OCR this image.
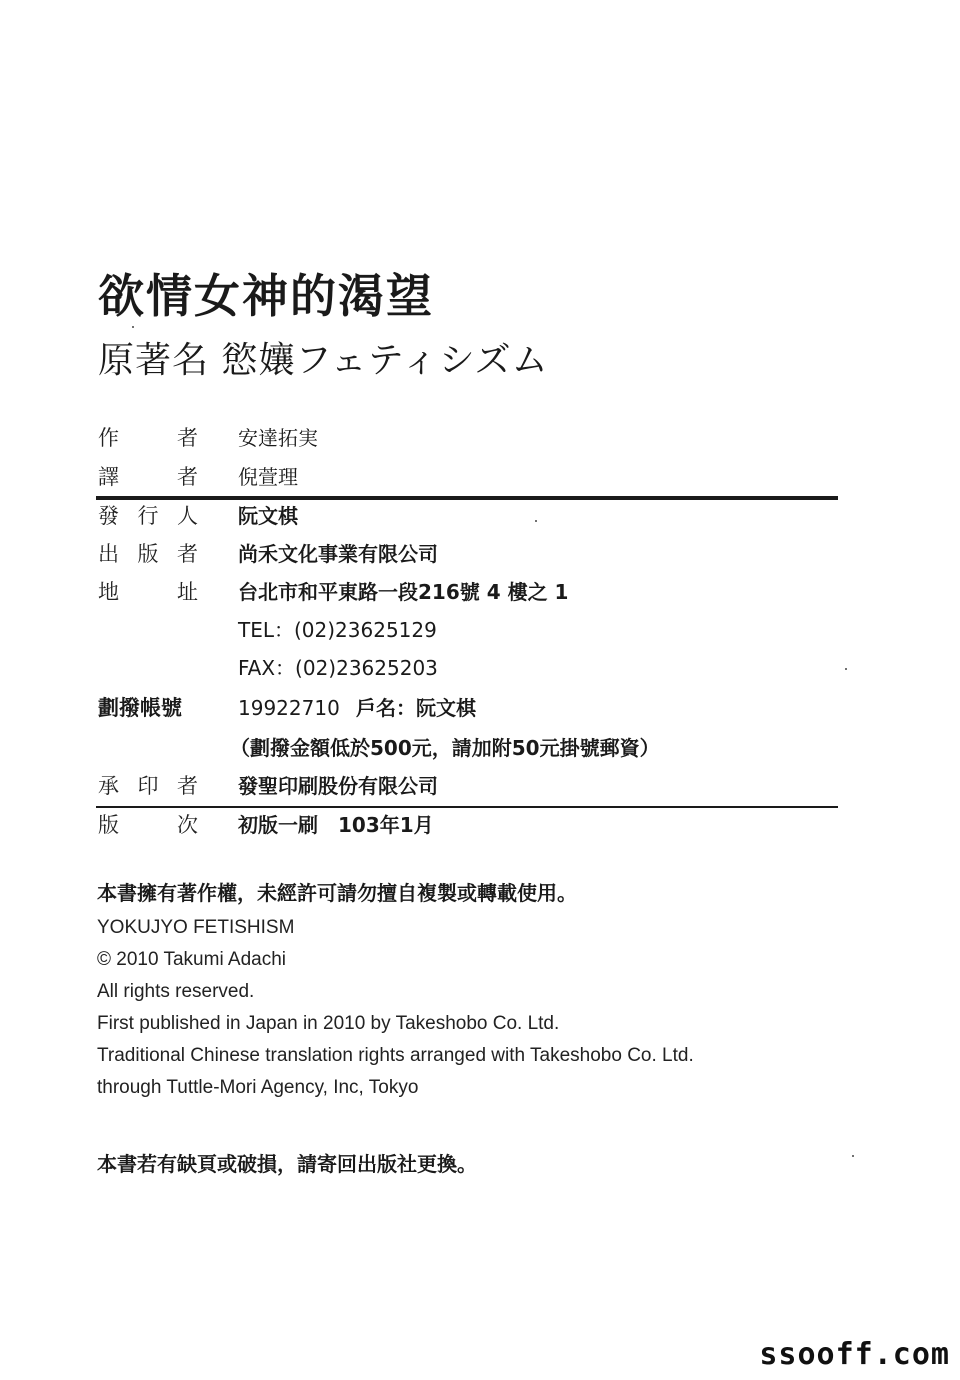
欲情女神的渴望
原著名 慾孃フェティシズム
作　者 安達拓実
譯　者 倪萱理
發 行 人 阮文棋
出 版 者 尚禾文化事業有限公司
地　址 台北市和平東路一段216號 4 樓之 1
TEL：(02)23625129
FAX：(02)23625203
劃撥帳號	19922710 戶名：阮文棋
（劃撥金額低於500元，請加附50元掛號郵資）
承 印 者 發聖印刷股份有限公司
版　次 初版一刷　103年1月
本書擁有著作權，未經許可請勿擅自複製或轉載使用。
YOKUJYO FETISHISM
© 2010 Takumi Adachi
All rights reserved.
First published in Japan in 2010 by Takeshobo Co. Ltd.
Traditional Chinese translation rights arranged with Takeshobo Co. Ltd.
through Tuttle-Mori Agency, Inc, Tokyo
本書若有缺頁或破損，請寄回出版社更換。
ssooff.com
